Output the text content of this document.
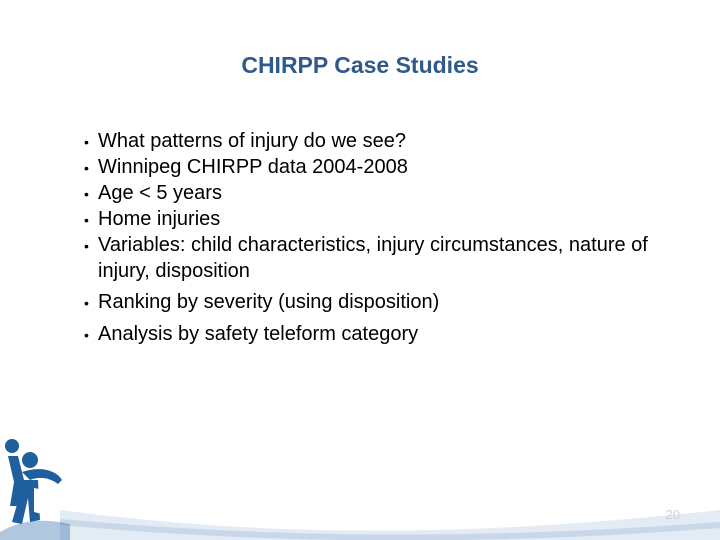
CHIRPP Case Studies
• What patterns of injury do we see?
• Winnipeg CHIRPP data 2004-2008
• Age < 5 years
• Home injuries
• Variables: child characteristics, injury circumstances, nature of injury, disposition
• Ranking by severity (using disposition)
• Analysis by safety teleform category
20
